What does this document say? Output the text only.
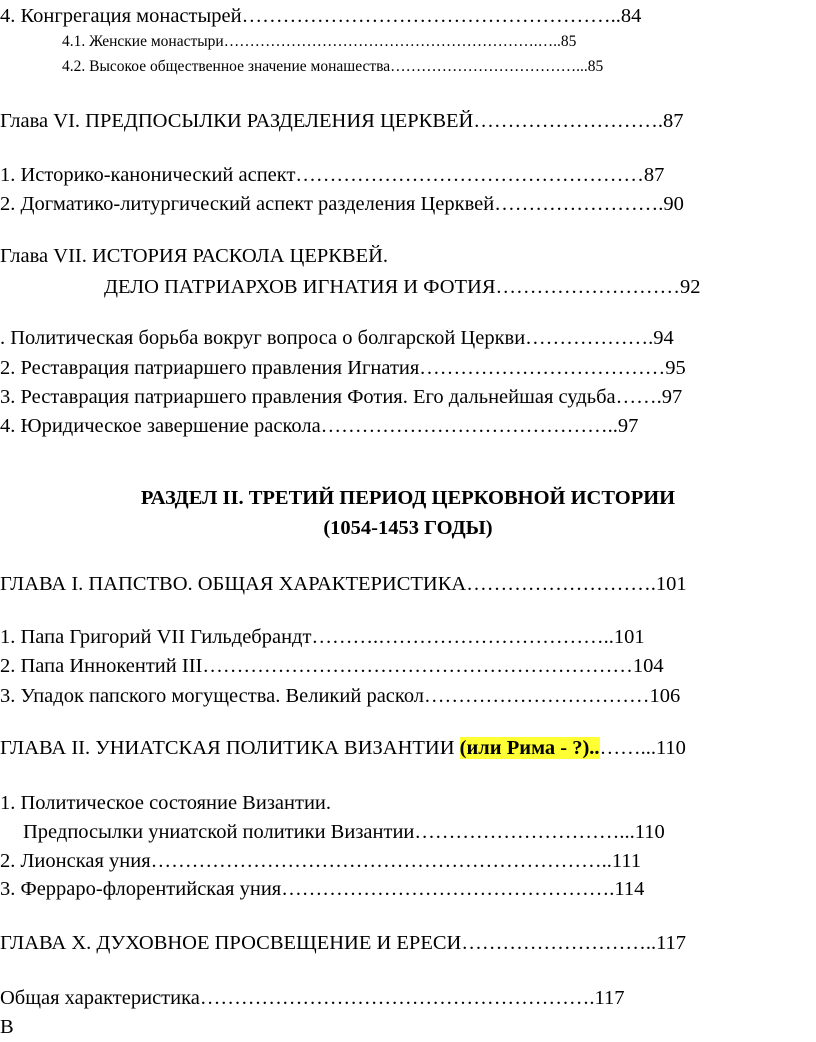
4. Конгрегация монастырей………………………………………………..84
4.1. Женские монастыри…………………………………………………….…..85
4.2. Высокое общественное значение монашества………………………………...85
Глава VI. ПРЕДПОСЫЛКИ РАЗДЕЛЕНИЯ ЦЕРКВЕЙ……………………….87
1. Историко-канонический аспект……………………………………………87
2. Догматико-литургический аспект разделения Церквей…………………….90
Глава VII. ИСТОРИЯ РАСКОЛА ЦЕРКВЕЙ.
ДЕЛО ПАТРИАРХОВ ИГНАТИЯ И ФОТИЯ………………………92
. Политическая борьба вокруг вопроса о болгарской Церкви……………….94
2. Реставрация патриаршего правления Игнатия………………………………95
3. Реставрация патриаршего правления Фотия. Его дальнейшая судьба…….97
4. Юридическое завершение раскола……………………………………..97
РАЗДЕЛ II. ТРЕТИЙ ПЕРИОД ЦЕРКОВНОЙ ИСТОРИИ
(1054-1453 ГОДЫ)
ГЛАВА I. ПАПСТВО. ОБЩАЯ ХАРАКТЕРИСТИКА……………………….101
1. Папа Григорий VII Гильдебрандт……….……………………………..101
2. Папа Иннокентий III………………………………………………………104
3. Упадок папского могущества. Великий раскол……………………………106
ГЛАВА II. УНИАТСКАЯ ПОЛИТИКА ВИЗАНТИИ (или Рима - ?)..……...110
1. Политическое состояние Византии.
Предпосылки униатской политики Византии…………………………...110
2. Лионская уния…………………………………………………………..111
3. Ферраро-флорентийская уния………………………………………….114
ГЛАВА X. ДУХОВНОЕ ПРОСВЕЩЕНИЕ И ЕРЕСИ………………………..117
Общая характеристика………………………………………………….117
В
